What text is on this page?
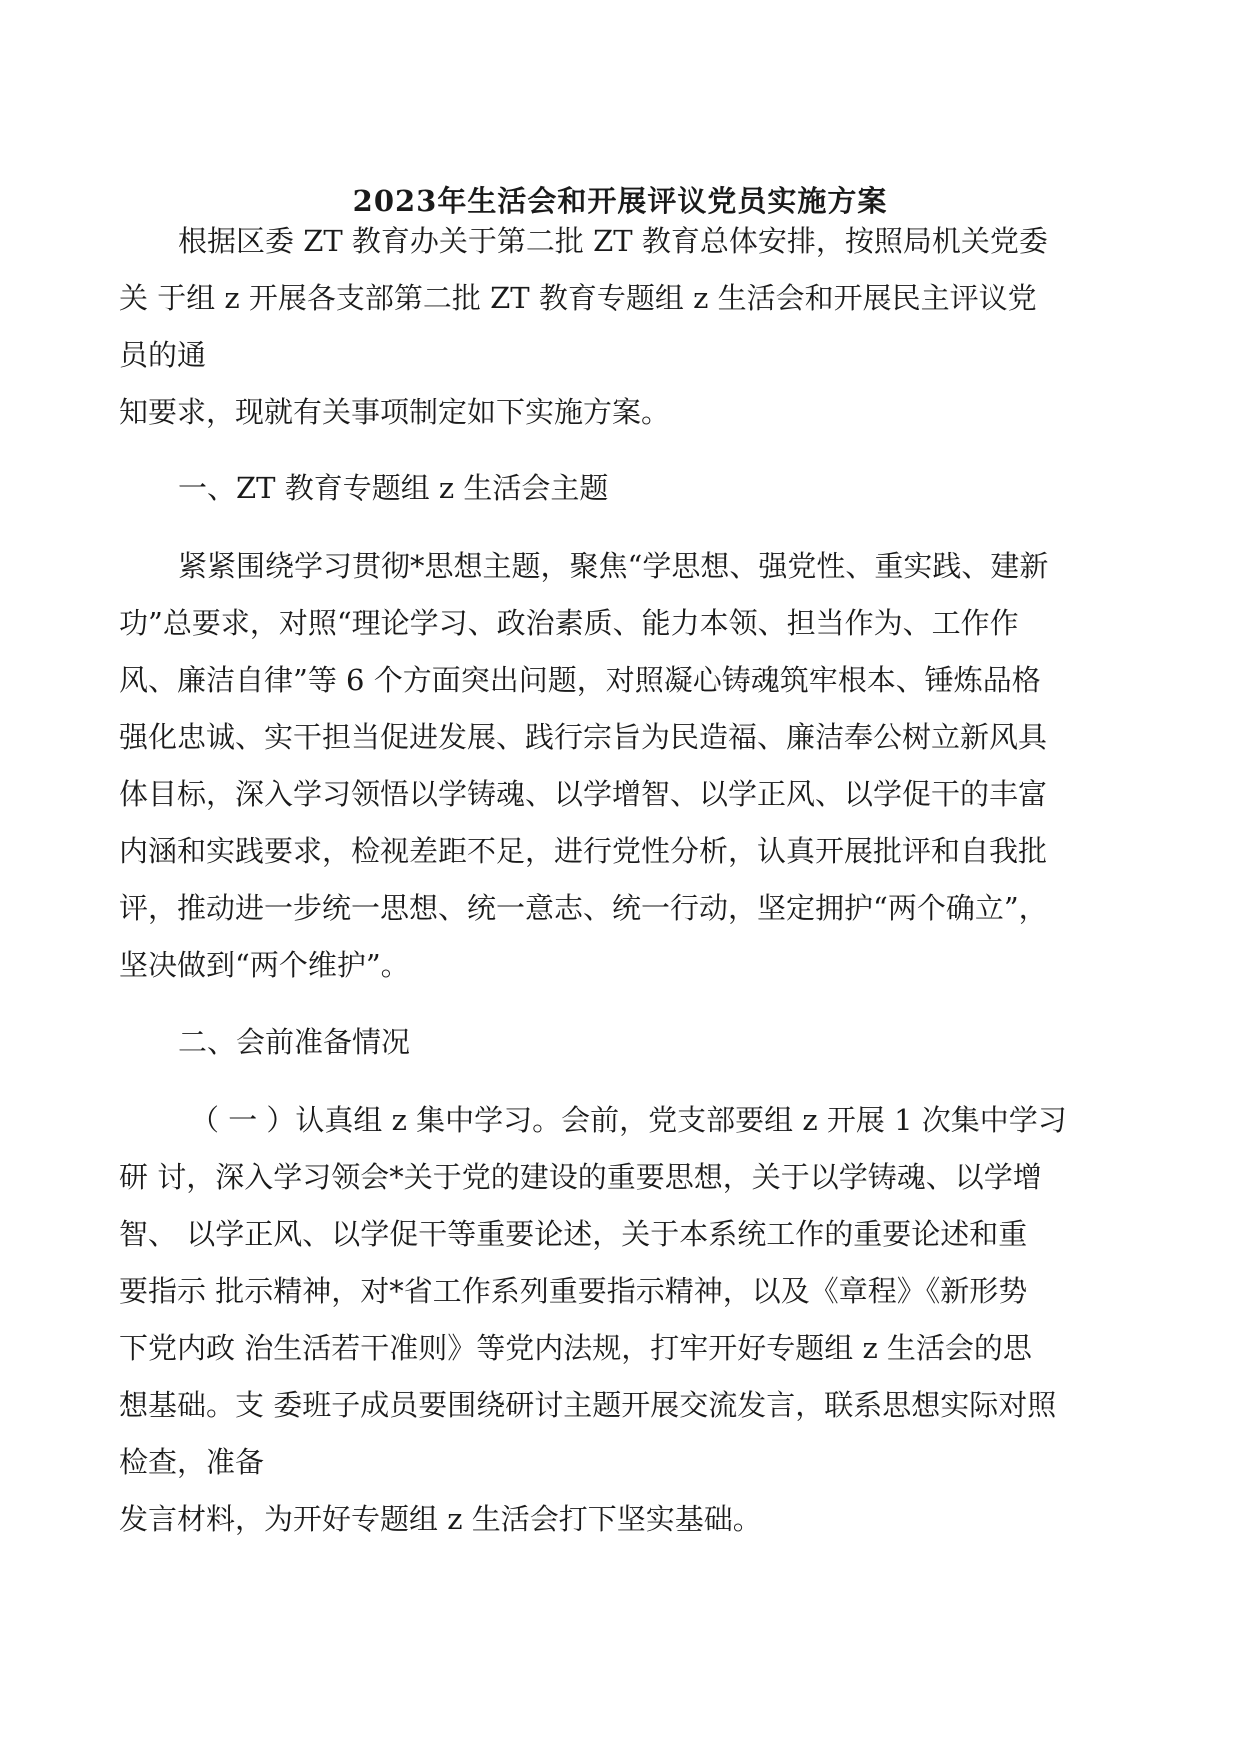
2023年生活会和开展评议党员实施方案
根据区委 ZT 教育办关于第二批 ZT 教育总体安排，按照局机关党委
关 于组 z 开展各支部第二批 ZT 教育专题组 z 生活会和开展民主评议党
员的通
知要求，现就有关事项制定如下实施方案。
一、ZT 教育专题组 z 生活会主题
紧紧围绕学习贯彻*思想主题，聚焦“学思想、强党性、重实践、建新
功”总要求，对照“理论学习、政治素质、能力本领、担当作为、工作作
风、廉洁自律”等 6 个方面突出问题，对照凝心铸魂筑牢根本、锤炼品格
强化忠诚、实干担当促进发展、践行宗旨为民造福、廉洁奉公树立新风具
体目标，深入学习领悟以学铸魂、以学增智、以学正风、以学促干的丰富
内涵和实践要求，检视差距不足，进行党性分析，认真开展批评和自我批
评，推动进一步统一思想、统一意志、统一行动，坚定拥护“两个确立”，
坚决做到“两个维护”。
二、会前准备情况
（ 一 ）认真组 z 集中学习。会前，党支部要组 z 开展 1 次集中学习
研 讨，深入学习领会*关于党的建设的重要思想，关于以学铸魂、以学增
智、 以学正风、以学促干等重要论述，关于本系统工作的重要论述和重
要指示 批示精神，对*省工作系列重要指示精神，以及《章程》《新形势
下党内政 治生活若干准则》等党内法规，打牢开好专题组 z 生活会的思
想基础。支 委班子成员要围绕研讨主题开展交流发言，联系思想实际对照
检查，准备
发言材料，为开好专题组 z 生活会打下坚实基础。
